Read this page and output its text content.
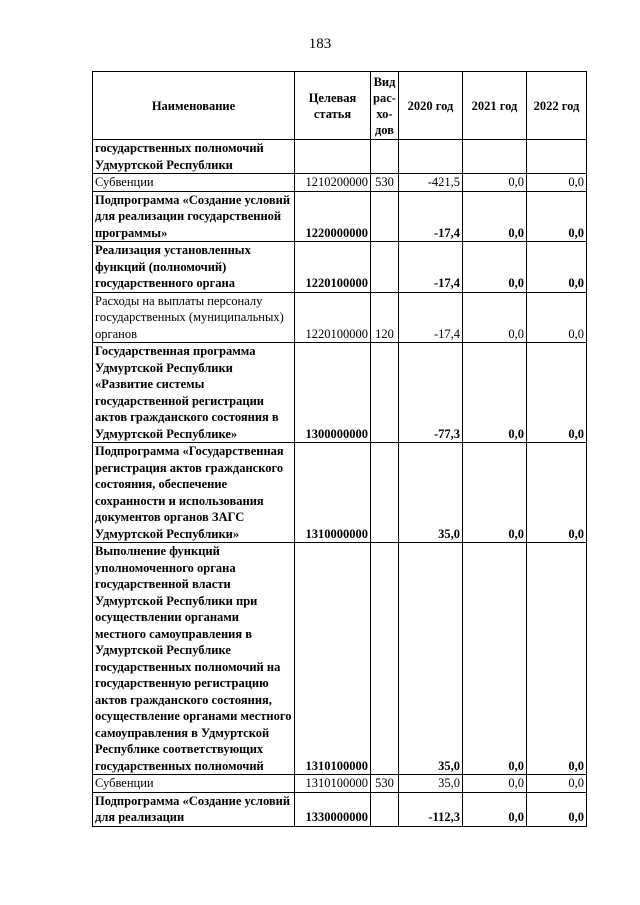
183
Наименование	Целевая статья	Вид рас-хо-дов	2020 год	2021 год	2022 год
государственных полномочий Удмуртской Республики					
Субвенции	1210200000	530	-421,5	0,0	0,0
Подпрограмма «Создание условий для реализации государственной программы»	1220000000		-17,4	0,0	0,0
Реализация установленных функций (полномочий) государственного органа	1220100000		-17,4	0,0	0,0
Расходы на выплаты персоналу государственных (муниципальных) органов	1220100000	120	-17,4	0,0	0,0
Государственная программа Удмуртской Республики «Развитие системы государственной регистрации актов гражданского состояния в Удмуртской Республике»	1300000000		-77,3	0,0	0,0
Подпрограмма «Государственная регистрация актов гражданского состояния, обеспечение сохранности и использования документов органов ЗАГС Удмуртской Республики»	1310000000		35,0	0,0	0,0
Выполнение функций уполномоченного органа государственной власти Удмуртской Республики при осуществлении органами местного самоуправления в Удмуртской Республике государственных полномочий на государственную регистрацию актов гражданского состояния, осуществление органами местного самоуправления в Удмуртской Республике соответствующих государственных полномочий	1310100000		35,0	0,0	0,0
Субвенции	1310100000	530	35,0	0,0	0,0
Подпрограмма «Создание условий для реализации	1330000000		-112,3	0,0	0,0
